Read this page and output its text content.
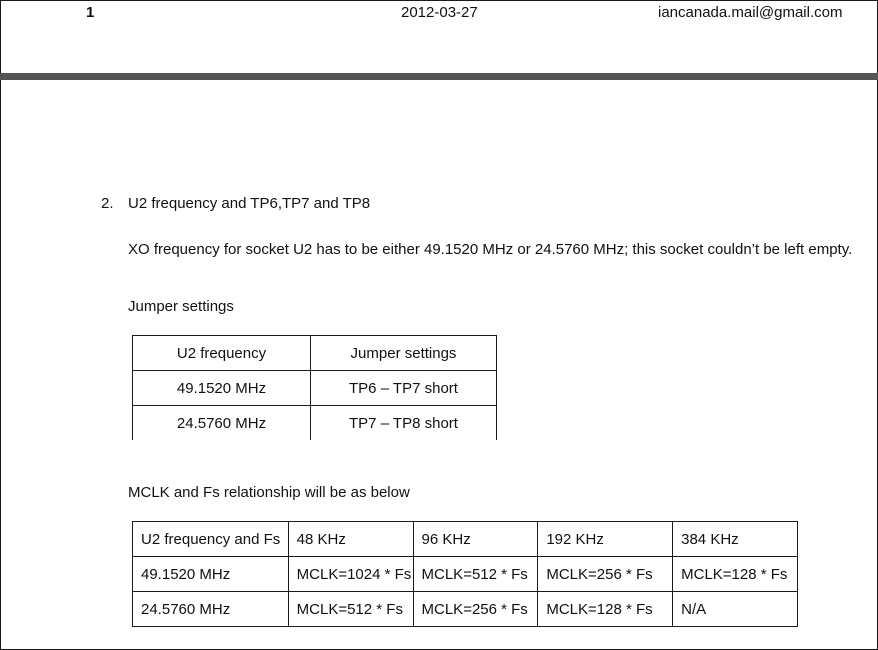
1	2012-03-27	iancanada.mail@gmail.com
2. U2 frequency and TP6,TP7 and TP8
XO frequency for socket U2 has to be either 49.1520 MHz or 24.5760 MHz; this socket couldn’t be left empty.
Jumper settings
U2 frequency	Jumper settings
49.1520 MHz	TP6 – TP7 short
24.5760 MHz	TP7 – TP8 short
MCLK and Fs relationship will be as below
U2 frequency and Fs	48 KHz	96 KHz	192 KHz	384 KHz
49.1520 MHz	MCLK=1024 * Fs	MCLK=512 * Fs	MCLK=256 * Fs	MCLK=128 * Fs
24.5760 MHz	MCLK=512 * Fs	MCLK=256 * Fs	MCLK=128 * Fs	N/A
